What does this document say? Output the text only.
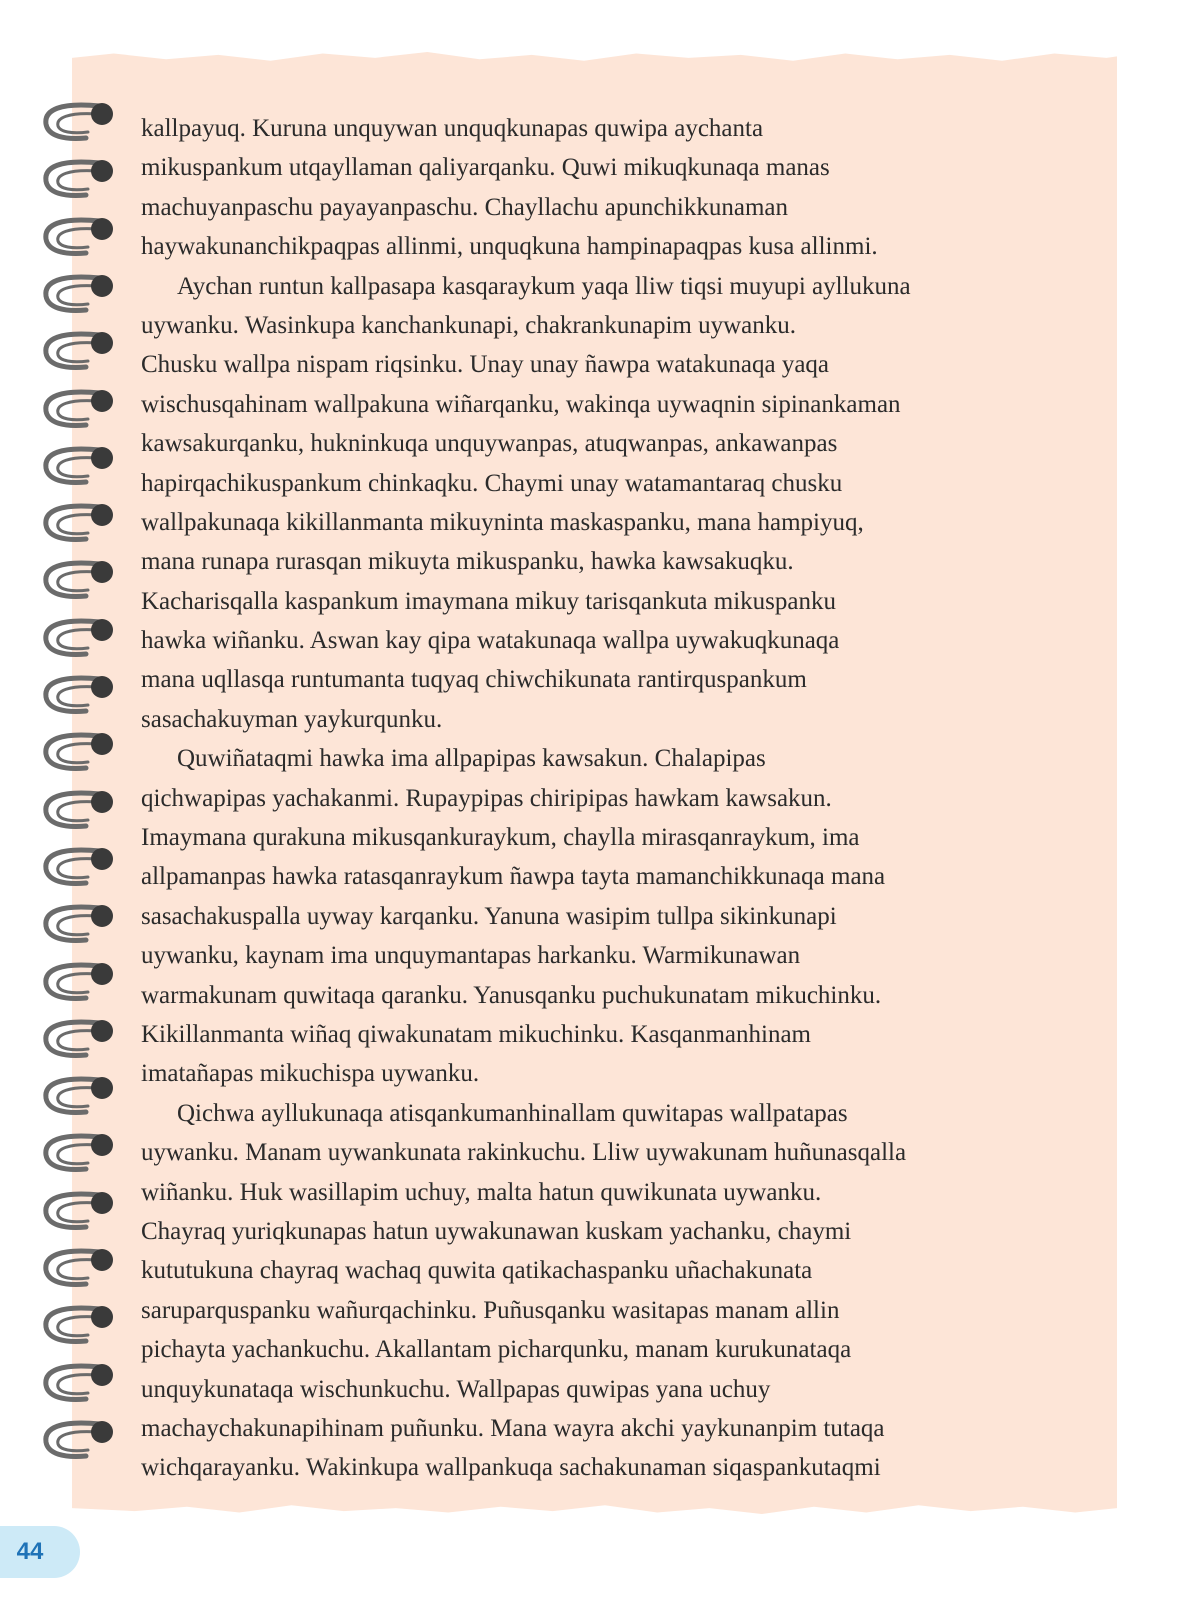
kallpayuq. Kuruna unquywan unquqkunapas quwipa aychanta
mikuspankum utqayllaman qaliyarqanku. Quwi mikuqkunaqa manas
machuyanpaschu payayanpaschu. Chayllachu apunchikkunaman
haywakunanchikpaqpas allinmi, unquqkuna hampinapaqpas kusa allinmi.
Aychan runtun kallpasapa kasqaraykum yaqa lliw tiqsi muyupi ayllukuna
uywanku. Wasinkupa kanchankunapi, chakrankunapim uywanku.
Chusku wallpa nispam riqsinku. Unay unay ñawpa watakunaqa yaqa
wischusqahinam wallpakuna wiñarqanku, wakinqa uywaqnin sipinankaman
kawsakurqanku, hukninkuqa unquywanpas, atuqwanpas, ankawanpas
hapirqachikuspankum chinkaqku. Chaymi unay watamantaraq chusku
wallpakunaqa kikillanmanta mikuyninta maskaspanku, mana hampiyuq,
mana runapa rurasqan mikuyta mikuspanku, hawka kawsakuqku.
Kacharisqalla kaspankum imaymana mikuy tarisqankuta mikuspanku
hawka wiñanku. Aswan kay qipa watakunaqa wallpa uywakuqkunaqa
mana uqllasqa runtumanta tuqyaq chiwchikunata rantirquspankum
sasachakuyman yaykurqunku.
Quwiñataqmi hawka ima allpapipas kawsakun. Chalapipas
qichwapipas yachakanmi. Rupaypipas chiripipas hawkam kawsakun.
Imaymana qurakuna mikusqankuraykum, chaylla mirasqanraykum, ima
allpamanpas hawka ratasqanraykum ñawpa tayta mamanchikkunaqa mana
sasachakuspalla uyway karqanku. Yanuna wasipim tullpa sikinkunapi
uywanku, kaynam ima unquymantapas harkanku. Warmikunawan
warmakunam quwitaqa qaranku. Yanusqanku puchukunatam mikuchinku.
Kikillanmanta wiñaq qiwakunatam mikuchinku. Kasqanmanhinam
imatañapas mikuchispa uywanku.
Qichwa ayllukunaqa atisqankumanhinallam quwitapas wallpatapas
uywanku. Manam uywankunata rakinkuchu. Lliw uywakunam huñunasqalla
wiñanku. Huk wasillapim uchuy, malta hatun quwikunata uywanku.
Chayraq yuriqkunapas hatun uywakunawan kuskam yachanku, chaymi
kututukuna chayraq wachaq quwita qatikachaspanku uñachakunata
saruparquspanku wañurqachinku. Puñusqanku wasitapas manam allin
pichayta yachankuchu. Akallantam picharqunku, manam kurukunataqa
unquykunataqa wischunkuchu. Wallpapas quwipas yana uchuy
machaychakunapihinam puñunku. Mana wayra akchi yaykunanpim tutaqa
wichqarayanku. Wakinkupa wallpankuqa sachakunaman siqaspankutaqmi
44
